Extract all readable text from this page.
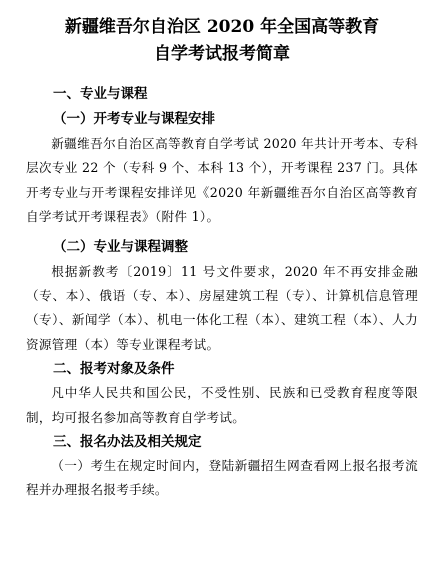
新疆维吾尔自治区 2020 年全国高等教育
自学考试报考简章
一、专业与课程
（一）开考专业与课程安排

新疆维吾尔自治区高等教育自学考试 2020 年共计开考本、专科层次专业 22 个（专科 9 个、本科 13 个），开考课程 237 门。具体开考专业与开考课程安排详见《2020 年新疆维吾尔自治区高等教育自学考试开考课程表》（附件 1）。

（二）专业与课程调整

根据新教考〔2019〕11 号文件要求，2020 年不再安排金融（专、本）、俄语（专、本）、房屋建筑工程（专）、计算机信息管理（专）、新闻学（本）、机电一体化工程（本）、建筑工程（本）、人力资源管理（本）等专业课程考试。

二、报考对象及条件

凡中华人民共和国公民，不受性别、民族和已受教育程度等限制，均可报名参加高等教育自学考试。

三、报名办法及相关规定

（一）考生在规定时间内，登陆新疆招生网查看网上报名报考流程并办理报名报考手续。
